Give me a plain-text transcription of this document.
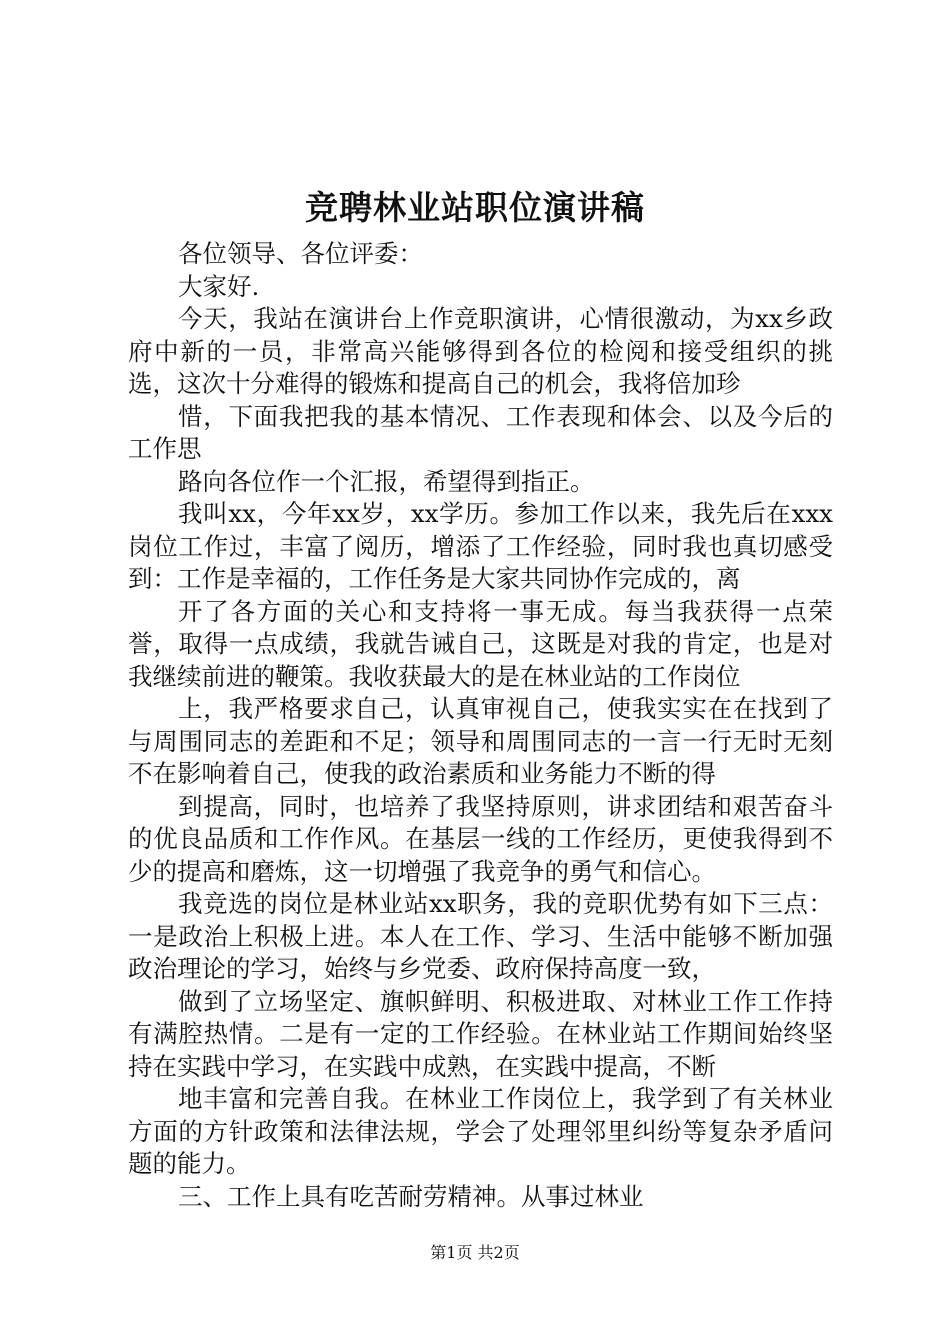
竞聘林业站职位演讲稿

各位领导、各位评委：

大家好.

今天，我站在演讲台上作竞职演讲，心情很激动，为xx乡政府中新的一员，非常高兴能够得到各位的检阅和接受组织的挑选，这次十分难得的锻炼和提高自己的机会，我将倍加珍

惜，下面我把我的基本情况、工作表现和体会、以及今后的工作思

路向各位作一个汇报，希望得到指正。

我叫xx，今年xx岁，xx学历。参加工作以来，我先后在xxx岗位工作过，丰富了阅历，增添了工作经验，同时我也真切感受到：工作是幸福的，工作任务是大家共同协作完成的，离

开了各方面的关心和支持将一事无成。每当我获得一点荣誉，取得一点成绩，我就告诫自己，这既是对我的肯定，也是对我继续前进的鞭策。我收获最大的是在林业站的工作岗位

上，我严格要求自己，认真审视自己，使我实实在在找到了与周围同志的差距和不足；领导和周围同志的一言一行无时无刻不在影响着自己，使我的政治素质和业务能力不断的得

到提高，同时，也培养了我坚持原则，讲求团结和艰苦奋斗的优良品质和工作作风。在基层一线的工作经历，更使我得到不少的提高和磨炼，这一切增强了我竞争的勇气和信心。

我竞选的岗位是林业站xx职务，我的竞职优势有如下三点：一是政治上积极上进。本人在工作、学习、生活中能够不断加强政治理论的学习，始终与乡党委、政府保持高度一致，

做到了立场坚定、旗帜鲜明、积极进取、对林业工作工作持有满腔热情。二是有一定的工作经验。在林业站工作期间始终坚持在实践中学习，在实践中成熟，在实践中提高，不断

地丰富和完善自我。在林业工作岗位上，我学到了有关林业方面的方针政策和法律法规，学会了处理邻里纠纷等复杂矛盾问题的能力。

三、工作上具有吃苦耐劳精神。从事过林业

第1页 共2页
